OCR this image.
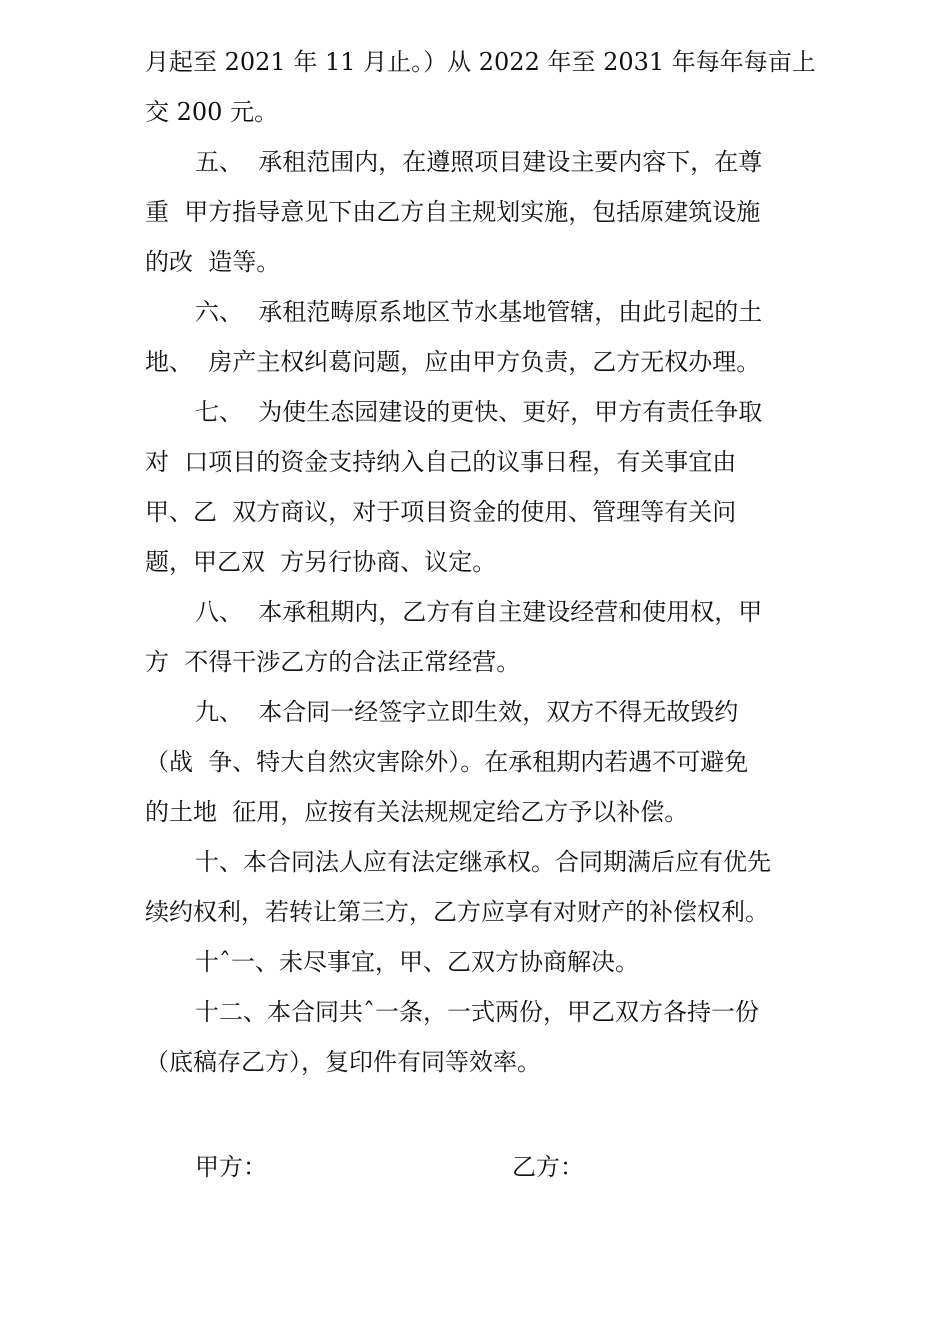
月起至 2021 年 11 月止。）从 2022 年至 2031 年每年每亩上
交 200 元。
五、  承租范围内，在遵照项目建设主要内容下，在尊
重  甲方指导意见下由乙方自主规划实施，包括原建筑设施
的改  造等。
六、  承租范畴原系地区节水基地管辖，由此引起的土
地、  房产主权纠葛问题，应由甲方负责，乙方无权办理。
七、  为使生态园建设的更快、更好，甲方有责任争取
对  口项目的资金支持纳入自己的议事日程，有关事宜由
甲、乙  双方商议，对于项目资金的使用、管理等有关问
题，甲乙双  方另行协商、议定。
八、  本承租期内，乙方有自主建设经营和使用权，甲
方  不得干涉乙方的合法正常经营。
九、  本合同一经签字立即生效，双方不得无故毁约
（战  争、特大自然灾害除外）。在承租期内若遇不可避免
的土地  征用，应按有关法规规定给乙方予以补偿。
十、本合同法人应有法定继承权。合同期满后应有优先
续约权利，若转让第三方，乙方应享有对财产的补偿权利。
十ˆ一、未尽事宜，甲、乙双方协商解决。
十二、本合同共ˆ一条，一式两份，甲乙双方各持一份
（底稿存乙方），复印件有同等效率。
甲方：	乙方：
